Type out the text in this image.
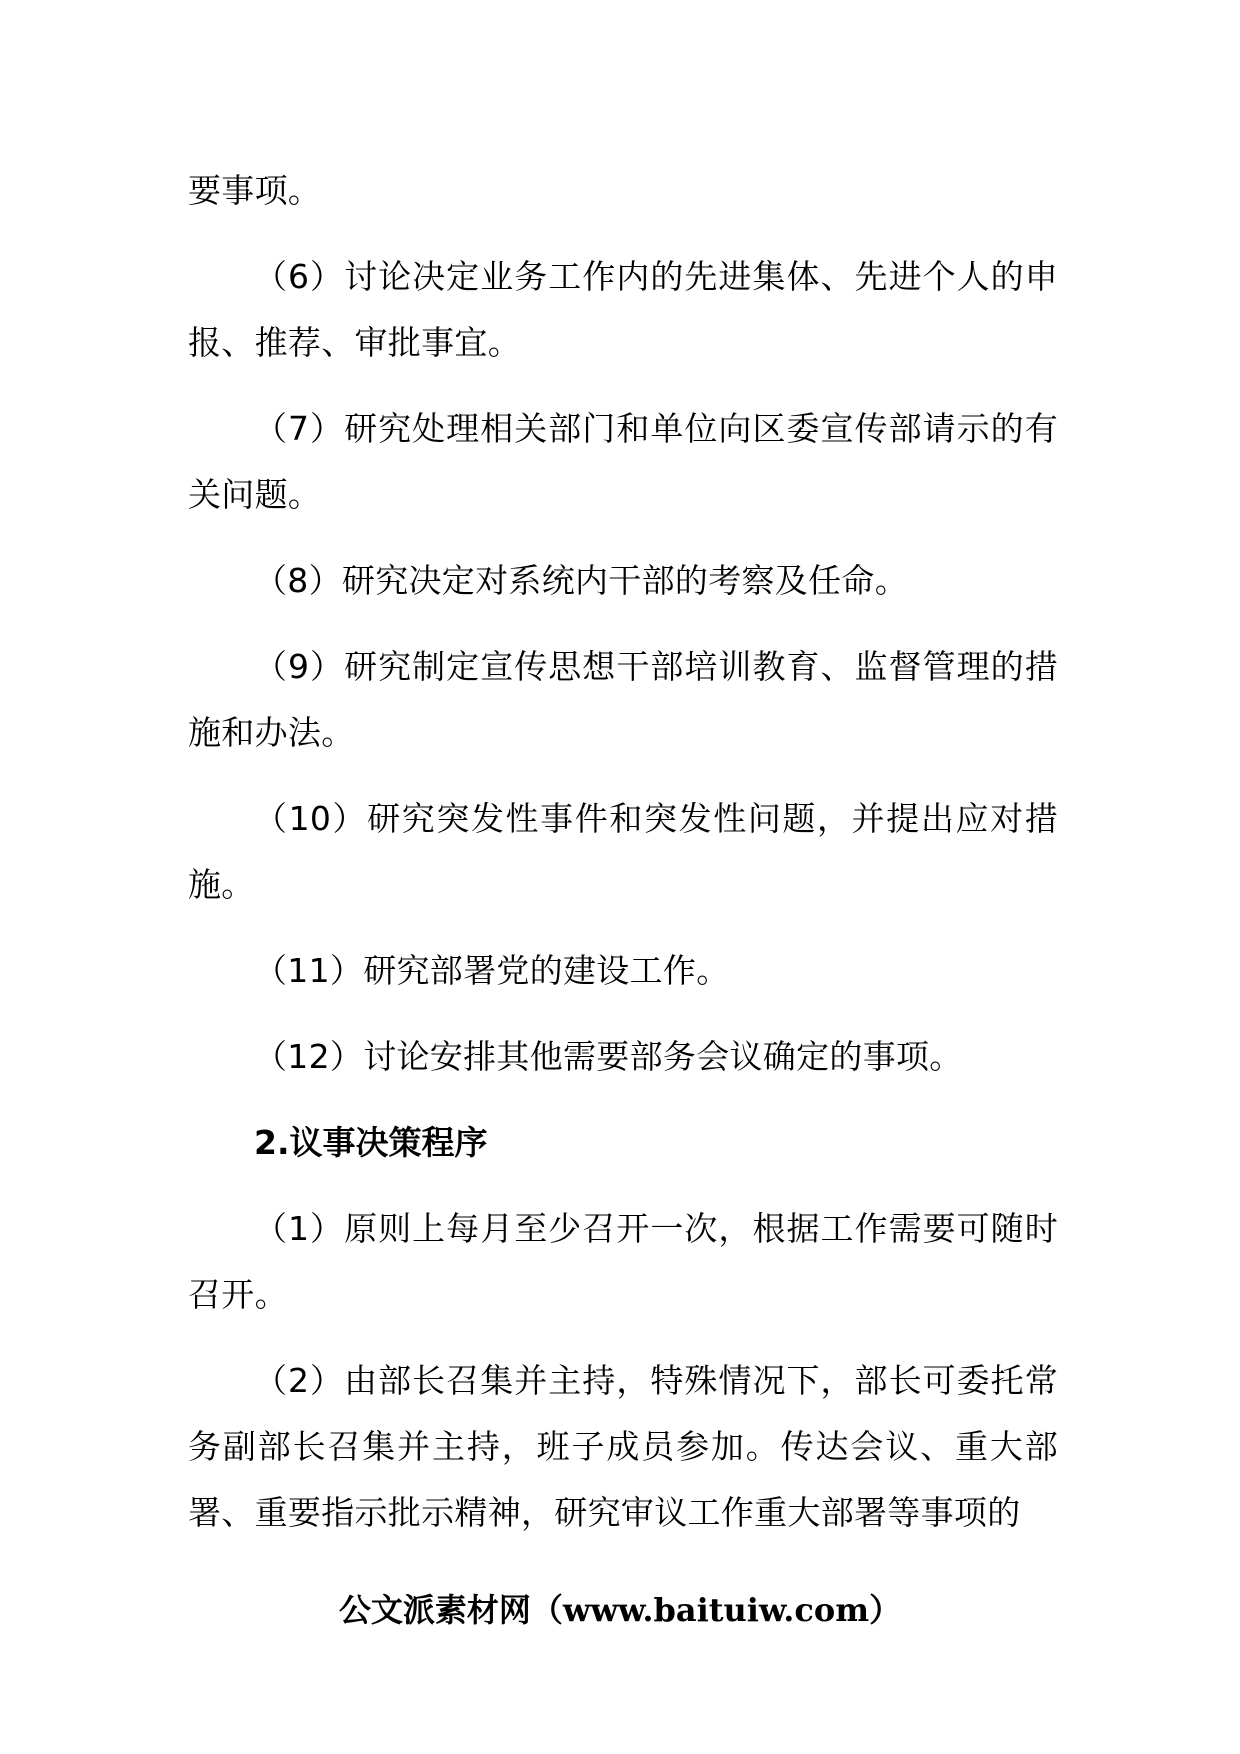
要事项。

（6）讨论决定业务工作内的先进集体、先进个人的申报、推荐、审批事宜。

（7）研究处理相关部门和单位向区委宣传部请示的有关问题。

（8）研究决定对系统内干部的考察及任命。

（9）研究制定宣传思想干部培训教育、监督管理的措施和办法。

（10）研究突发性事件和突发性问题，并提出应对措施。

（11）研究部署党的建设工作。

（12）讨论安排其他需要部务会议确定的事项。

2.议事决策程序

（1）原则上每月至少召开一次，根据工作需要可随时召开。

（2）由部长召集并主持，特殊情况下，部长可委托常务副部长召集并主持，班子成员参加。传达会议、重大部署、重要指示批示精神，研究审议工作重大部署等事项的

公文派素材网（www.baituiw.com）
